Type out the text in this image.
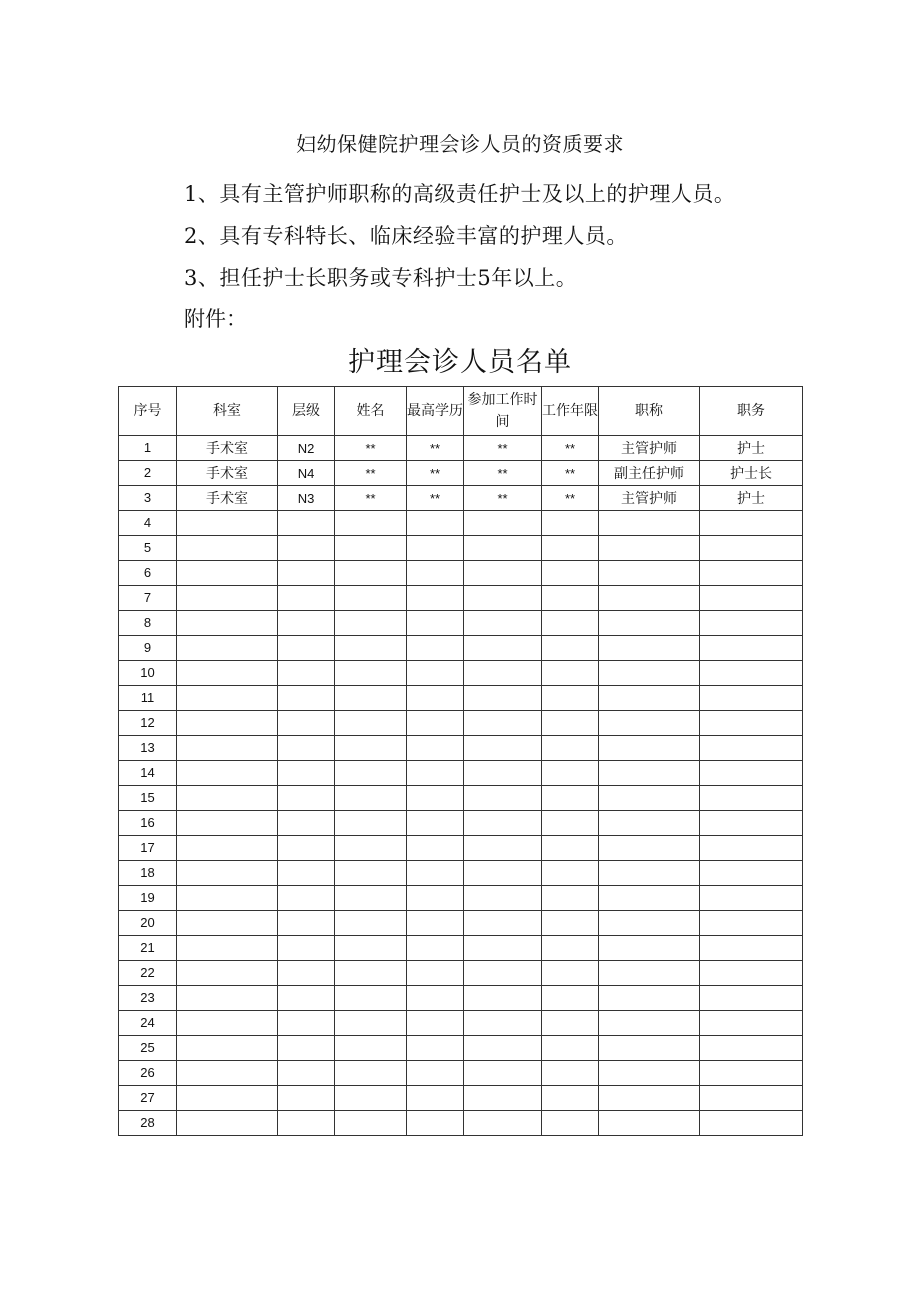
妇幼保健院护理会诊人员的资质要求
1、具有主管护师职称的高级责任护士及以上的护理人员。
2、具有专科特长、临床经验丰富的护理人员。
3、担任护士长职务或专科护士5年以上。
附件：
护理会诊人员名单
序号	科室	层级	姓名	最高学历	参加工作时间	工作年限	职称	职务
1	手术室	N2	**	**	**	**	主管护师	护士
2	手术室	N4	**	**	**	**	副主任护师	护士长
3	手术室	N3	**	**	**	**	主管护师	护士
4								
5								
6								
7								
8								
9								
10								
11								
12								
13								
14								
15								
16								
17								
18								
19								
20								
21								
22								
23								
24								
25								
26								
27								
28								
